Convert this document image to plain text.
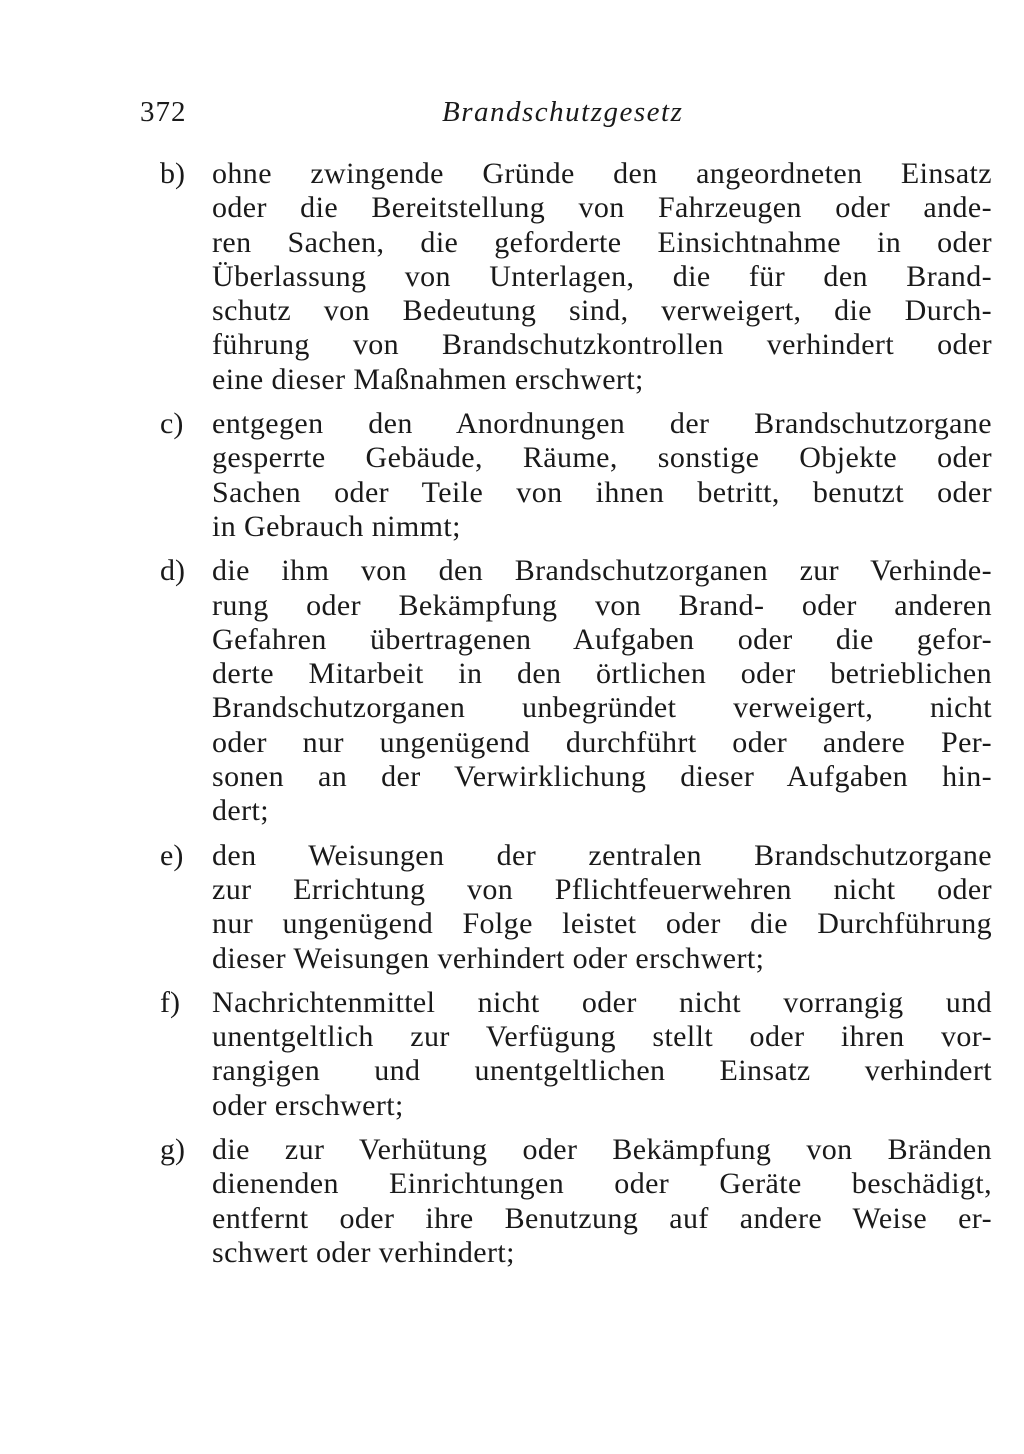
372	Brandschutzgesetz
b) ohne zwingende Gründe den angeordneten Einsatz
oder die Bereitstellung von Fahrzeugen oder ande-
ren Sachen, die geforderte Einsichtnahme in oder
Überlassung von Unterlagen, die für den Brand-
schutz von Bedeutung sind, verweigert, die Durch-
führung von Brandschutzkontrollen verhindert oder
eine dieser Maßnahmen erschwert;
c) entgegen den Anordnungen der Brandschutzorgane
gesperrte Gebäude, Räume, sonstige Objekte oder
Sachen oder Teile von ihnen betritt, benutzt oder
in Gebrauch nimmt;
d) die ihm von den Brandschutzorganen zur Verhinde-
rung oder Bekämpfung von Brand- oder anderen
Gefahren übertragenen Aufgaben oder die gefor-
derte Mitarbeit in den örtlichen oder betrieblichen
Brandschutzorganen unbegründet verweigert, nicht
oder nur ungenügend durchführt oder andere Per-
sonen an der Verwirklichung dieser Aufgaben hin-
dert;
e) den Weisungen der zentralen Brandschutzorgane
zur Errichtung von Pflichtfeuerwehren nicht oder
nur ungenügend Folge leistet oder die Durchführung
dieser Weisungen verhindert oder erschwert;
f)	Nachrichtenmittel nicht oder nicht vorrangig und
unentgeltlich zur Verfügung stellt oder ihren vor-
rangigen und unentgeltlichen Einsatz verhindert
oder erschwert;
g) die zur Verhütung oder Bekämpfung von Bränden
dienenden Einrichtungen oder Geräte beschädigt,
entfernt oder ihre Benutzung auf andere Weise er-
schwert oder verhindert;
